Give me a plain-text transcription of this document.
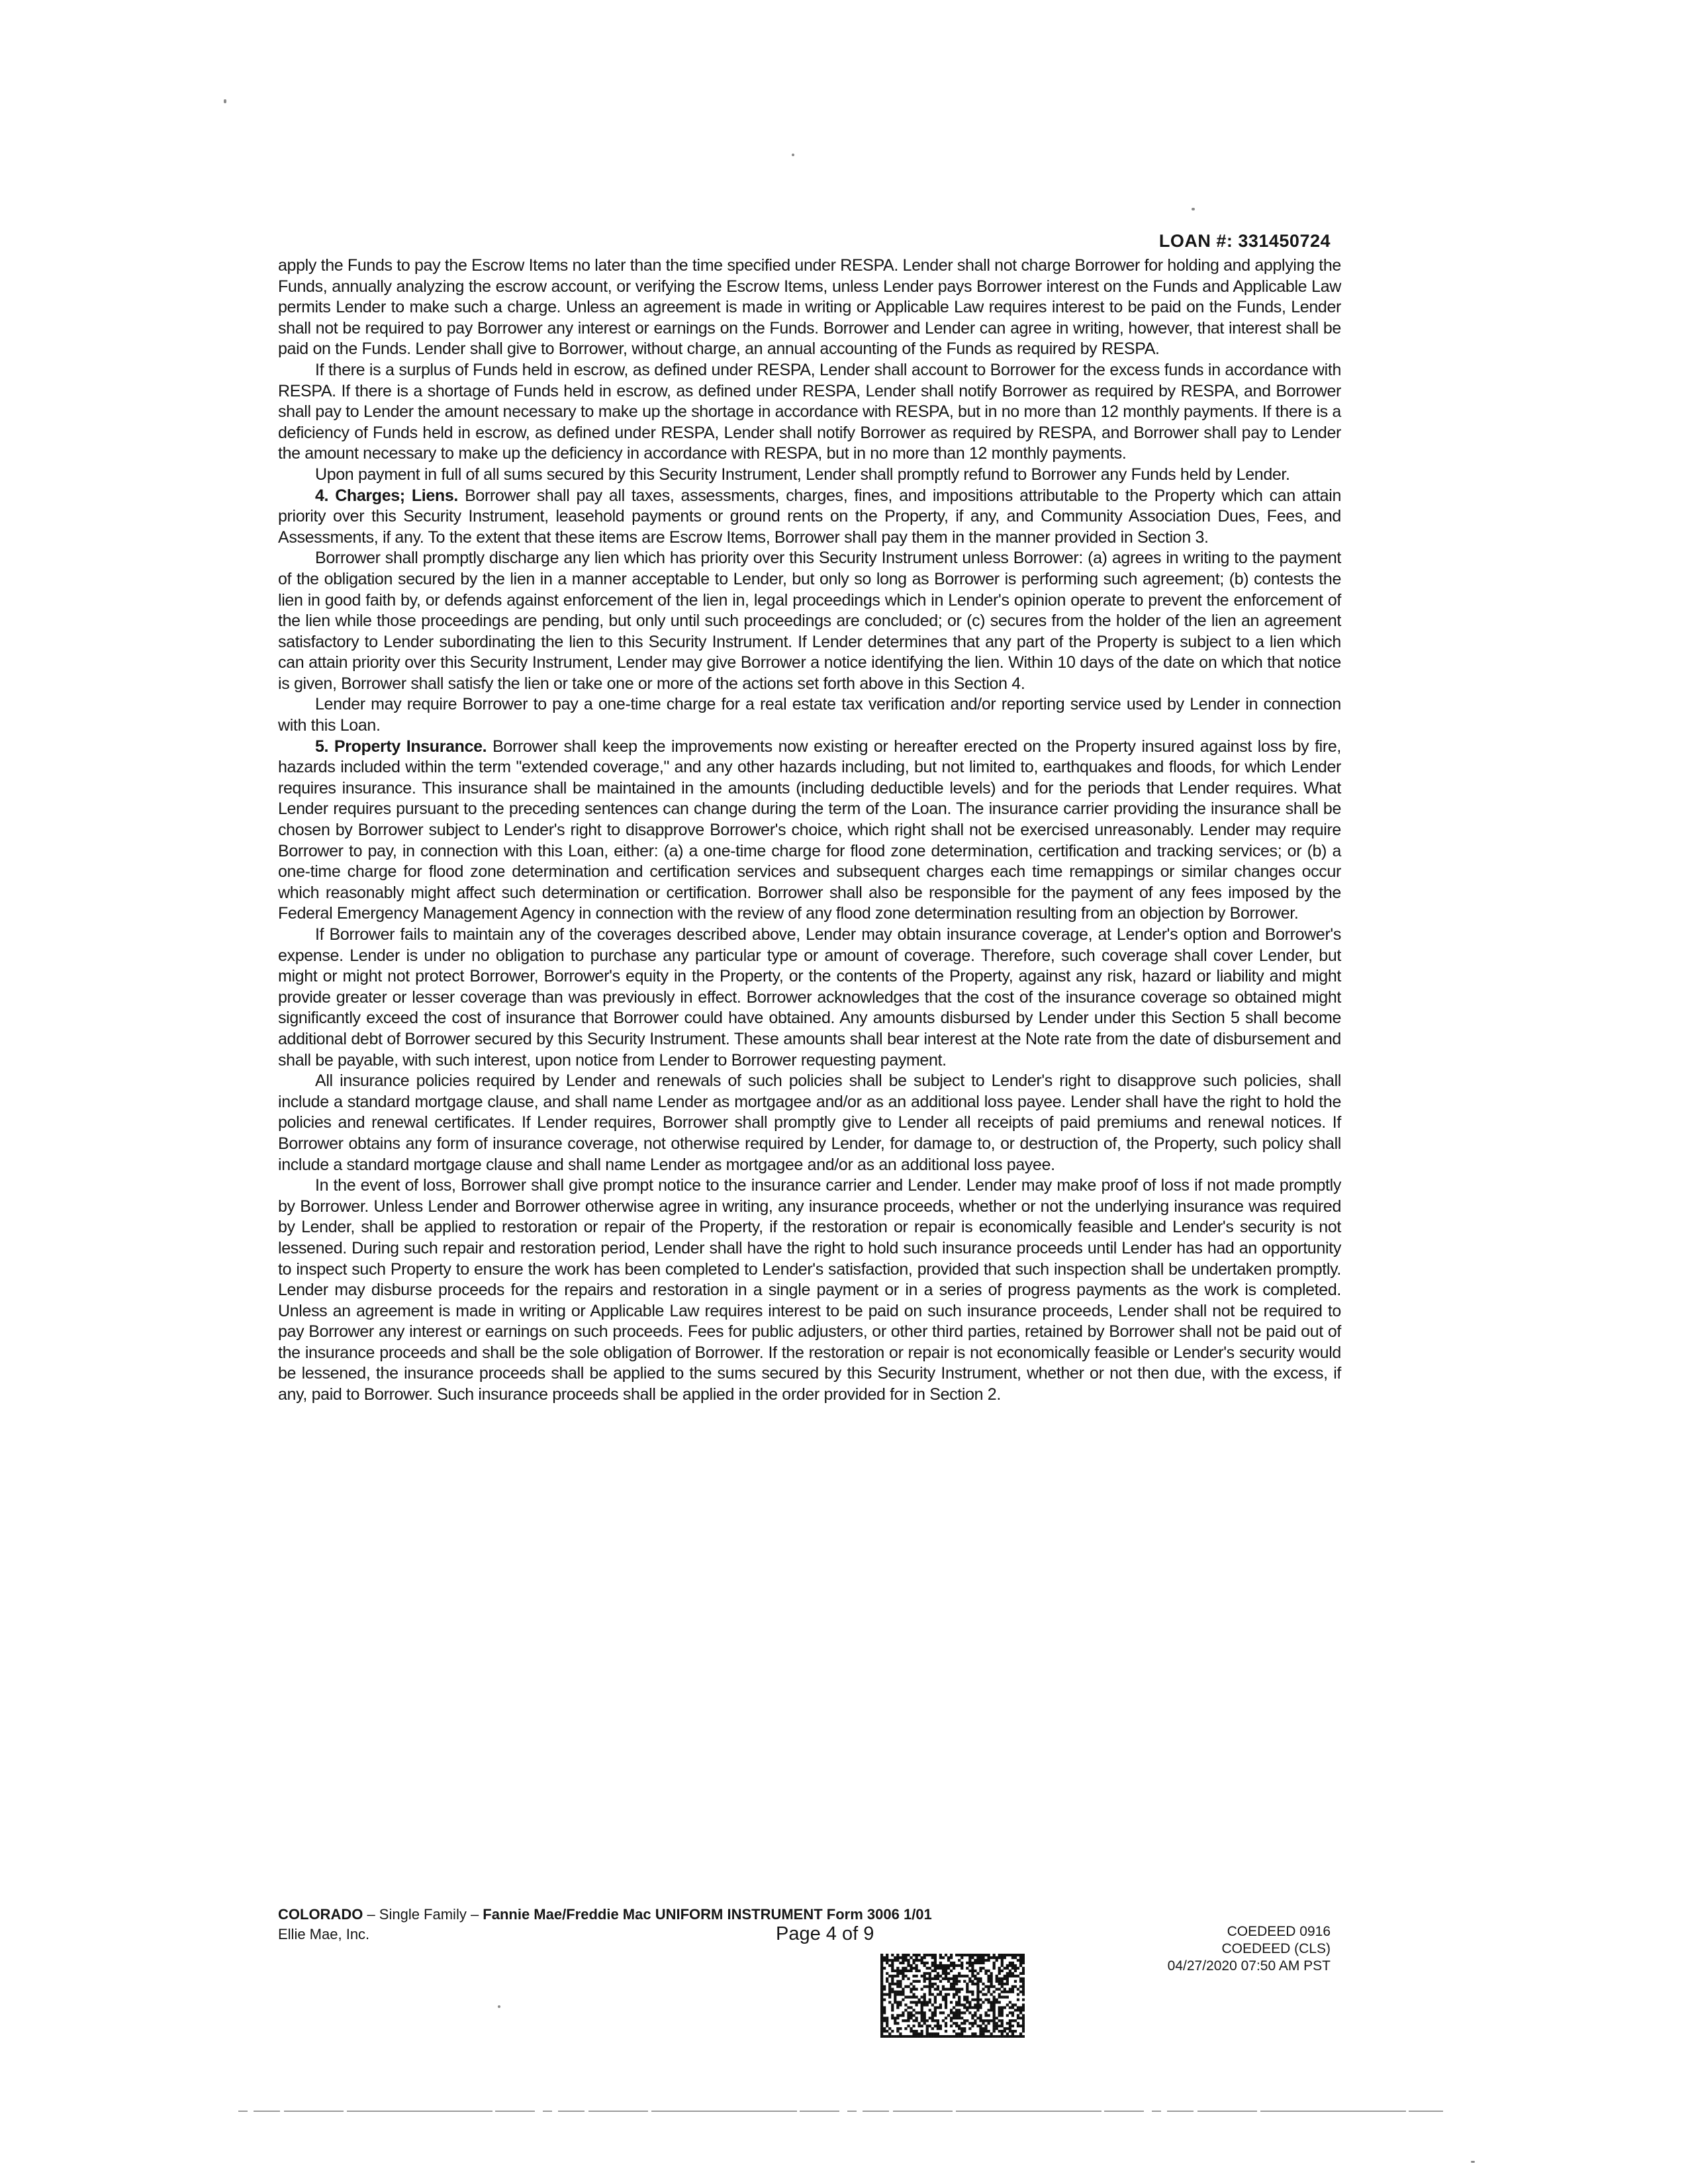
LOAN #: 331450724

apply the Funds to pay the Escrow Items no later than the time specified under RESPA. Lender shall not charge Borrower for holding and applying the Funds, annually analyzing the escrow account, or verifying the Escrow Items, unless Lender pays Borrower interest on the Funds and Applicable Law permits Lender to make such a charge. Unless an agreement is made in writing or Applicable Law requires interest to be paid on the Funds, Lender shall not be required to pay Borrower any interest or earnings on the Funds. Borrower and Lender can agree in writing, however, that interest shall be paid on the Funds. Lender shall give to Borrower, without charge, an annual accounting of the Funds as required by RESPA.

If there is a surplus of Funds held in escrow, as defined under RESPA, Lender shall account to Borrower for the excess funds in accordance with RESPA. If there is a shortage of Funds held in escrow, as defined under RESPA, Lender shall notify Borrower as required by RESPA, and Borrower shall pay to Lender the amount necessary to make up the shortage in accordance with RESPA, but in no more than 12 monthly payments. If there is a deficiency of Funds held in escrow, as defined under RESPA, Lender shall notify Borrower as required by RESPA, and Borrower shall pay to Lender the amount necessary to make up the deficiency in accordance with RESPA, but in no more than 12 monthly payments.

Upon payment in full of all sums secured by this Security Instrument, Lender shall promptly refund to Borrower any Funds held by Lender.

4. Charges; Liens. Borrower shall pay all taxes, assessments, charges, fines, and impositions attributable to the Property which can attain priority over this Security Instrument, leasehold payments or ground rents on the Property, if any, and Community Association Dues, Fees, and Assessments, if any. To the extent that these items are Escrow Items, Borrower shall pay them in the manner provided in Section 3.

Borrower shall promptly discharge any lien which has priority over this Security Instrument unless Borrower: (a) agrees in writing to the payment of the obligation secured by the lien in a manner acceptable to Lender, but only so long as Borrower is performing such agreement; (b) contests the lien in good faith by, or defends against enforcement of the lien in, legal proceedings which in Lender's opinion operate to prevent the enforcement of the lien while those proceedings are pending, but only until such proceedings are concluded; or (c) secures from the holder of the lien an agreement satisfactory to Lender subordinating the lien to this Security Instrument. If Lender determines that any part of the Property is subject to a lien which can attain priority over this Security Instrument, Lender may give Borrower a notice identifying the lien. Within 10 days of the date on which that notice is given, Borrower shall satisfy the lien or take one or more of the actions set forth above in this Section 4.

Lender may require Borrower to pay a one-time charge for a real estate tax verification and/or reporting service used by Lender in connection with this Loan.

5. Property Insurance. Borrower shall keep the improvements now existing or hereafter erected on the Property insured against loss by fire, hazards included within the term "extended coverage," and any other hazards including, but not limited to, earthquakes and floods, for which Lender requires insurance. This insurance shall be maintained in the amounts (including deductible levels) and for the periods that Lender requires. What Lender requires pursuant to the preceding sentences can change during the term of the Loan. The insurance carrier providing the insurance shall be chosen by Borrower subject to Lender's right to disapprove Borrower's choice, which right shall not be exercised unreasonably. Lender may require Borrower to pay, in connection with this Loan, either: (a) a one-time charge for flood zone determination, certification and tracking services; or (b) a one-time charge for flood zone determination and certification services and subsequent charges each time remappings or similar changes occur which reasonably might affect such determination or certification. Borrower shall also be responsible for the payment of any fees imposed by the Federal Emergency Management Agency in connection with the review of any flood zone determination resulting from an objection by Borrower.

If Borrower fails to maintain any of the coverages described above, Lender may obtain insurance coverage, at Lender's option and Borrower's expense. Lender is under no obligation to purchase any particular type or amount of coverage. Therefore, such coverage shall cover Lender, but might or might not protect Borrower, Borrower's equity in the Property, or the contents of the Property, against any risk, hazard or liability and might provide greater or lesser coverage than was previously in effect. Borrower acknowledges that the cost of the insurance coverage so obtained might significantly exceed the cost of insurance that Borrower could have obtained. Any amounts disbursed by Lender under this Section 5 shall become additional debt of Borrower secured by this Security Instrument. These amounts shall bear interest at the Note rate from the date of disbursement and shall be payable, with such interest, upon notice from Lender to Borrower requesting payment.

All insurance policies required by Lender and renewals of such policies shall be subject to Lender's right to disapprove such policies, shall include a standard mortgage clause, and shall name Lender as mortgagee and/or as an additional loss payee. Lender shall have the right to hold the policies and renewal certificates. If Lender requires, Borrower shall promptly give to Lender all receipts of paid premiums and renewal notices. If Borrower obtains any form of insurance coverage, not otherwise required by Lender, for damage to, or destruction of, the Property, such policy shall include a standard mortgage clause and shall name Lender as mortgagee and/or as an additional loss payee.

In the event of loss, Borrower shall give prompt notice to the insurance carrier and Lender. Lender may make proof of loss if not made promptly by Borrower. Unless Lender and Borrower otherwise agree in writing, any insurance proceeds, whether or not the underlying insurance was required by Lender, shall be applied to restoration or repair of the Property, if the restoration or repair is economically feasible and Lender's security is not lessened. During such repair and restoration period, Lender shall have the right to hold such insurance proceeds until Lender has had an opportunity to inspect such Property to ensure the work has been completed to Lender's satisfaction, provided that such inspection shall be undertaken promptly. Lender may disburse proceeds for the repairs and restoration in a single payment or in a series of progress payments as the work is completed. Unless an agreement is made in writing or Applicable Law requires interest to be paid on such insurance proceeds, Lender shall not be required to pay Borrower any interest or earnings on such proceeds. Fees for public adjusters, or other third parties, retained by Borrower shall not be paid out of the insurance proceeds and shall be the sole obligation of Borrower. If the restoration or repair is not economically feasible or Lender's security would be lessened, the insurance proceeds shall be applied to the sums secured by this Security Instrument, whether or not then due, with the excess, if any, paid to Borrower. Such insurance proceeds shall be applied in the order provided for in Section 2.

COLORADO – Single Family – Fannie Mae/Freddie Mac UNIFORM INSTRUMENT Form 3006 1/01
Ellie Mae, Inc.	Page 4 of 9	COEDEED 0916
COEDEED (CLS)
04/27/2020 07:50 AM PST
